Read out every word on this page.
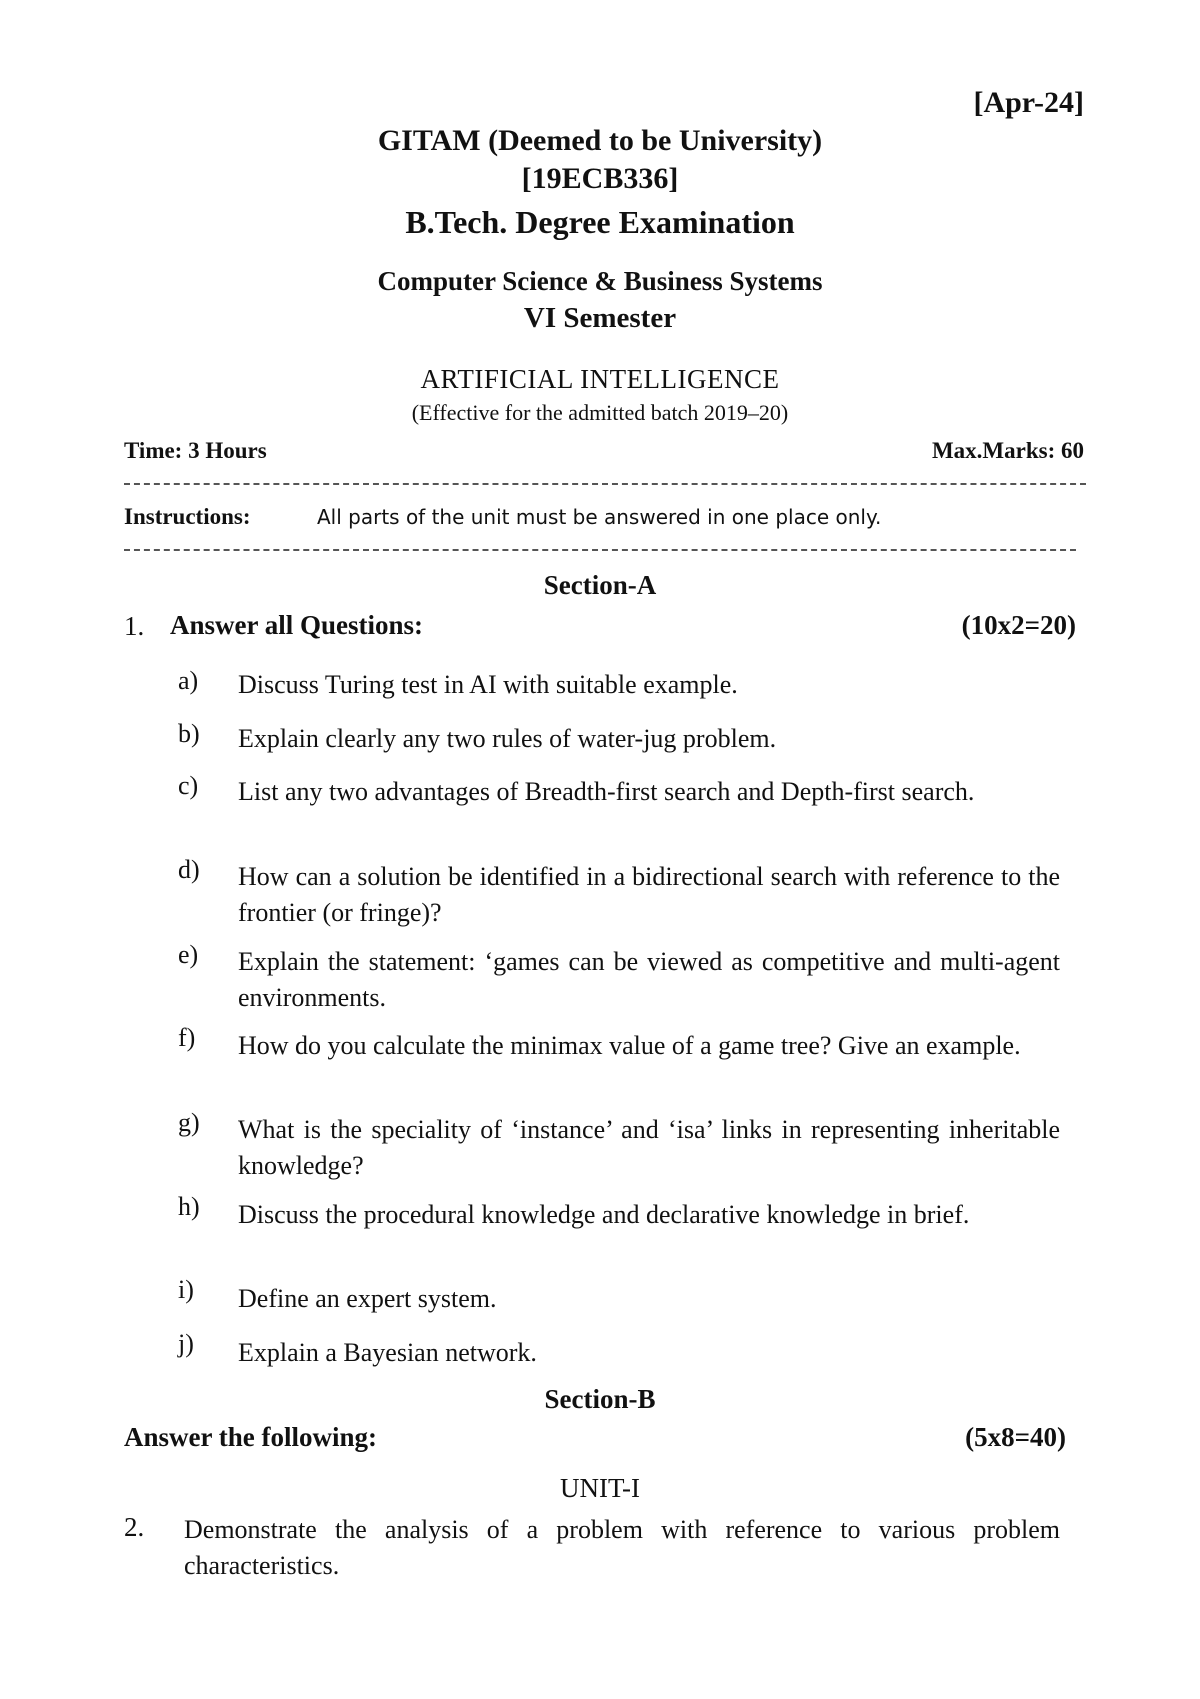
[Apr-24]
GITAM (Deemed to be University)
[19ECB336]
B.Tech. Degree Examination
Computer Science & Business Systems
VI Semester
ARTIFICIAL INTELLIGENCE
(Effective for the admitted batch 2019–20)
Time: 3 Hours	Max.Marks: 60
Instructions:	All parts of the unit must be answered in one place only.
Section-A
1. Answer all Questions:	(10x2=20)
a) Discuss Turing test in AI with suitable example.
b) Explain clearly any two rules of water-jug problem.
c) List any two advantages of Breadth-first search and Depth-first search.
d) How can a solution be identified in a bidirectional search with reference to the frontier (or fringe)?
e) Explain the statement: ‘games can be viewed as competitive and multi-agent environments.
f) How do you calculate the minimax value of a game tree? Give an example.
g) What is the speciality of ‘instance’ and ‘isa’ links in representing inheritable knowledge?
h) Discuss the procedural knowledge and declarative knowledge in brief.
i) Define an expert system.
j) Explain a Bayesian network.
Section-B
Answer the following:	(5x8=40)
UNIT-I
2. Demonstrate the analysis of a problem with reference to various problem characteristics.
